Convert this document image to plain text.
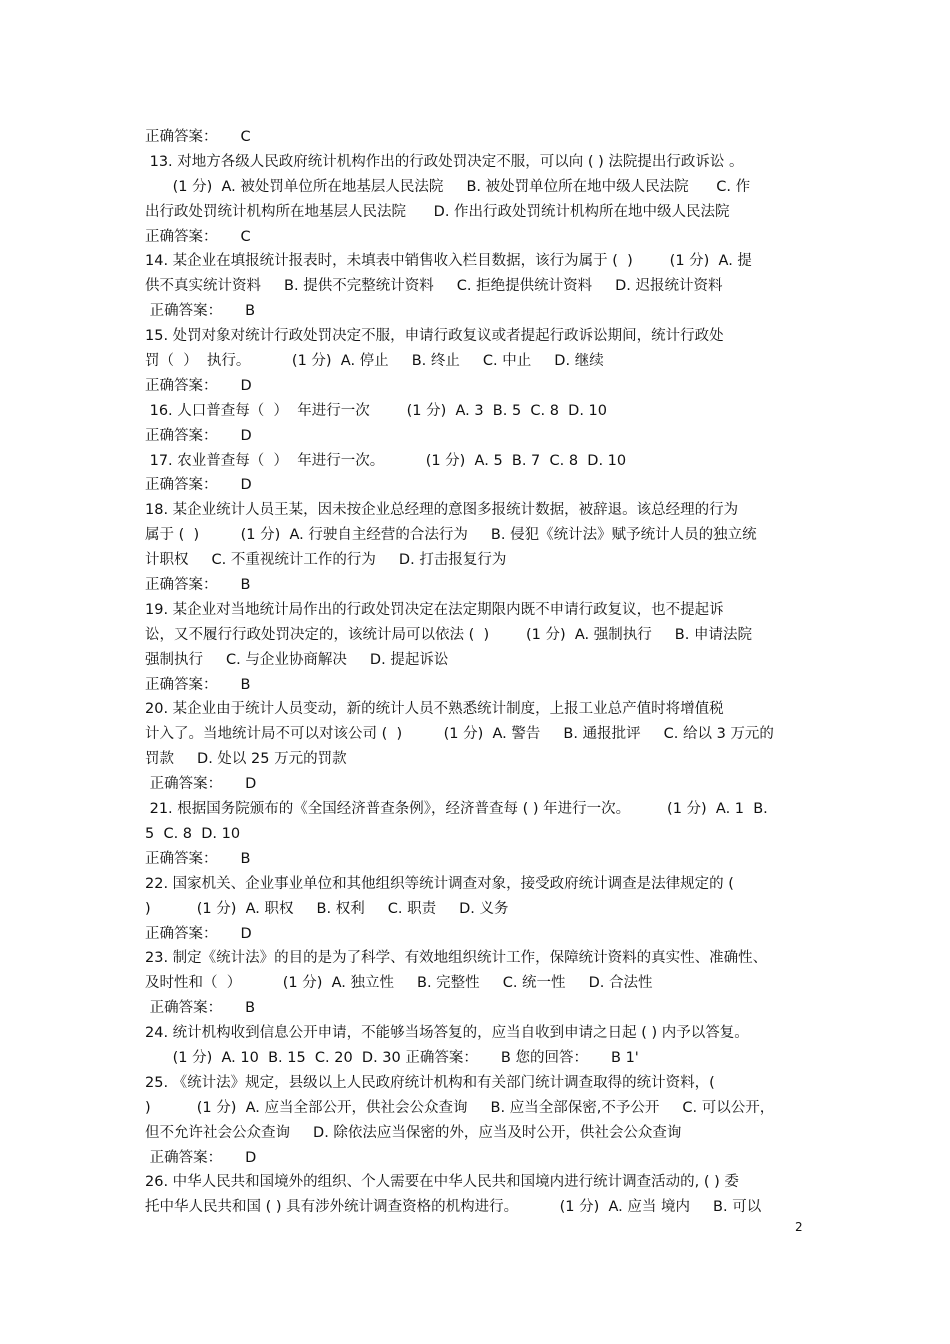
正确答案：     C
13. 对地方各级人民政府统计机构作出的行政处罚决定不服，可以向 ( ) 法院提出行政诉讼 。
(1 分)  A. 被处罚单位所在地基层人民法院     B. 被处罚单位所在地中级人民法院      C. 作
出行政处罚统计机构所在地基层人民法院      D. 作出行政处罚统计机构所在地中级人民法院
正确答案：     C
14. 某企业在填报统计报表时，未填表中销售收入栏目数据，该行为属于 (  )        (1 分)  A. 提
供不真实统计资料     B. 提供不完整统计资料     C. 拒绝提供统计资料     D. 迟报统计资料
正确答案：     B
15. 处罚对象对统计行政处罚决定不服，申请行政复议或者提起行政诉讼期间，统计行政处
罚（  ）  执行。         (1 分)  A. 停止     B. 终止     C. 中止     D. 继续
正确答案：     D
16. 人口普查每（  ）  年进行一次        (1 分)  A. 3  B. 5  C. 8  D. 10
正确答案：     D
17. 农业普查每（  ）  年进行一次。         (1 分)  A. 5  B. 7  C. 8  D. 10
正确答案：     D
18. 某企业统计人员王某，因未按企业总经理的意图多报统计数据，被辞退。该总经理的行为
属于 (  )         (1 分)  A. 行驶自主经营的合法行为     B. 侵犯《统计法》赋予统计人员的独立统
计职权     C. 不重视统计工作的行为     D. 打击报复行为
正确答案：     B
19. 某企业对当地统计局作出的行政处罚决定在法定期限内既不申请行政复议，也不提起诉
讼，又不履行行政处罚决定的，该统计局可以依法 (  )        (1 分)  A. 强制执行     B. 申请法院
强制执行     C. 与企业协商解决     D. 提起诉讼
正确答案：     B
20. 某企业由于统计人员变动，新的统计人员不熟悉统计制度，上报工业总产值时将增值税
计入了。当地统计局不可以对该公司 (  )         (1 分)  A. 警告     B. 通报批评     C. 给以 3 万元的
罚款     D. 处以 25 万元的罚款
正确答案：     D
21. 根据国务院颁布的《全国经济普查条例》，经济普查每 ( ) 年进行一次。        (1 分)  A. 1  B.
5  C. 8  D. 10
正确答案：     B
22. 国家机关、企业事业单位和其他组织等统计调查对象，接受政府统计调查是法律规定的 (
)          (1 分)  A. 职权     B. 权利     C. 职责     D. 义务
正确答案：     D
23. 制定《统计法》的目的是为了科学、有效地组织统计工作，保障统计资料的真实性、准确性、
及时性和（  ）         (1 分)  A. 独立性     B. 完整性     C. 统一性     D. 合法性
正确答案：     B
24. 统计机构收到信息公开申请，不能够当场答复的，应当自收到申请之日起 ( ) 内予以答复。
(1 分)  A. 10  B. 15  C. 20  D. 30 正确答案：     B 您的回答：     B 1'
25. 《统计法》规定，县级以上人民政府统计机构和有关部门统计调查取得的统计资料，(
)          (1 分)  A. 应当全部公开，供社会公众查询     B. 应当全部保密,不予公开     C. 可以公开，
但不允许社会公众查询     D. 除依法应当保密的外，应当及时公开，供社会公众查询
正确答案：     D
26. 中华人民共和国境外的组织、个人需要在中华人民共和国境内进行统计调查活动的, ( ) 委
托中华人民共和国 ( ) 具有涉外统计调查资格的机构进行。         (1 分)  A. 应当 境内     B. 可以
2
